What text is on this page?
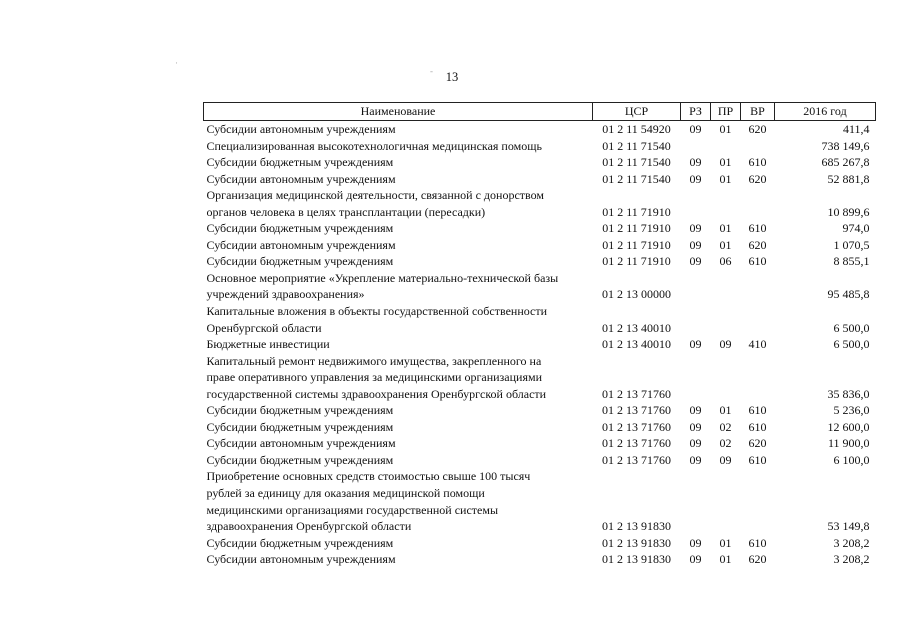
·
- 13
Наименование	ЦСР	РЗ	ПР	ВР	2016 год
Субсидии автономным учреждениям	01 2 11 54920	09	01	620	411,4
Специализированная высокотехнологичная медицинская помощь	01 2 11 71540				738 149,6
Субсидии бюджетным учреждениям	01 2 11 71540	09	01	610	685 267,8
Субсидии автономным учреждениям	01 2 11 71540	09	01	620	52 881,8
Организация медицинской деятельности, связанной с донорством					
органов человека в целях трансплантации (пересадки)	01 2 11 71910				10 899,6
Субсидии бюджетным учреждениям	01 2 11 71910	09	01	610	974,0
Субсидии автономным учреждениям	01 2 11 71910	09	01	620	1 070,5
Субсидии бюджетным учреждениям	01 2 11 71910	09	06	610	8 855,1
Основное мероприятие «Укрепление материально-технической базы					
учреждений здравоохранения»	01 2 13 00000				95 485,8
Капитальные вложения в объекты государственной собственности					
Оренбургской области	01 2 13 40010				6 500,0
Бюджетные инвестиции	01 2 13 40010	09	09	410	6 500,0
Капитальный ремонт недвижимого имущества, закрепленного на					
праве оперативного управления за медицинскими организациями					
государственной системы здравоохранения Оренбургской области	01 2 13 71760				35 836,0
Субсидии бюджетным учреждениям	01 2 13 71760	09	01	610	5 236,0
Субсидии бюджетным учреждениям	01 2 13 71760	09	02	610	12 600,0
Субсидии автономным учреждениям	01 2 13 71760	09	02	620	11 900,0
Субсидии бюджетным учреждениям	01 2 13 71760	09	09	610	6 100,0
Приобретение основных средств стоимостью свыше 100 тысяч					
рублей за единицу для оказания медицинской помощи					
медицинскими организациями государственной системы					
здравоохранения Оренбургской области	01 2 13 91830				53 149,8
Субсидии бюджетным учреждениям	01 2 13 91830	09	01	610	3 208,2
Субсидии автономным учреждениям	01 2 13 91830	09	01	620	3 208,2
